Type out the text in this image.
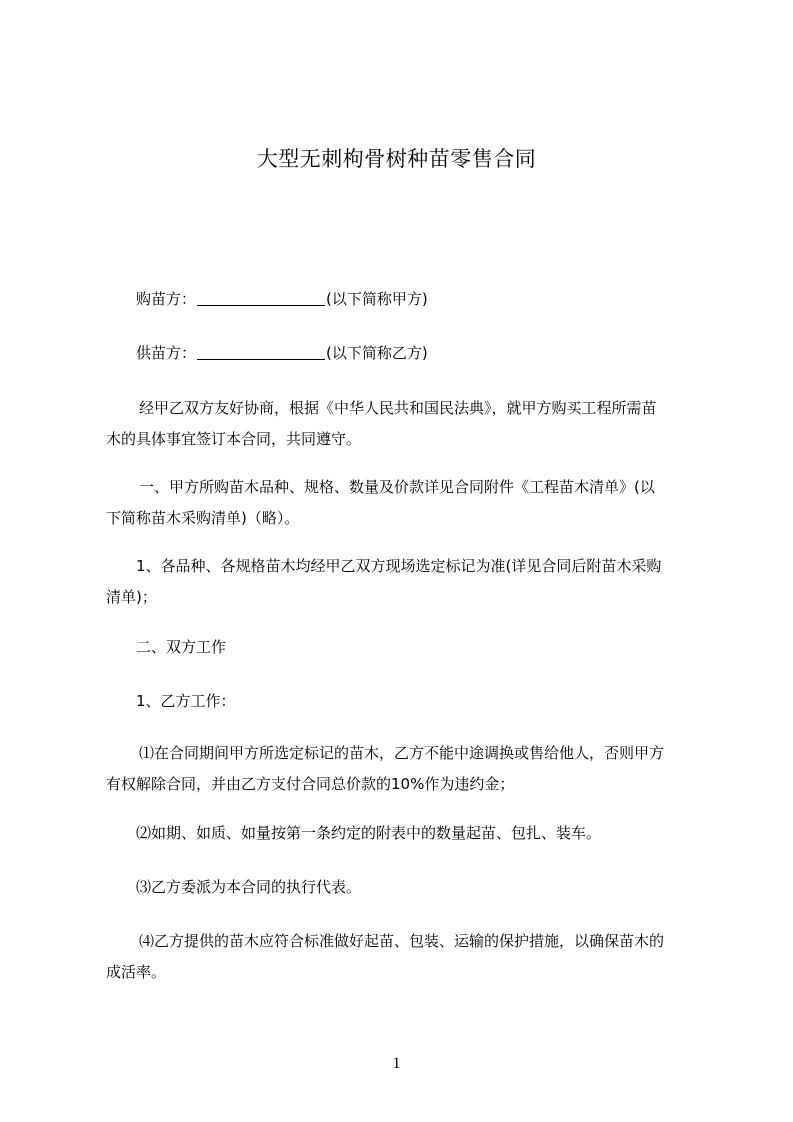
大型无刺枸骨树种苗零售合同
购苗方：	(以下简称甲方)
供苗方：	(以下简称乙方)
经甲乙双方友好协商，根据《中华人民共和国民法典》，就甲方购买工程所需苗
木的具体事宜签订本合同，共同遵守。
一、甲方所购苗木品种、规格、数量及价款详见合同附件《工程苗木清单》(以
下简称苗木采购清单)（略）。
1、各品种、各规格苗木均经甲乙双方现场选定标记为准(详见合同后附苗木采购
清单)；
二、双方工作
1、乙方工作：
⑴在合同期间甲方所选定标记的苗木，乙方不能中途调换或售给他人，否则甲方
有权解除合同，并由乙方支付合同总价款的10%作为违约金；
⑵如期、如质、如量按第一条约定的附表中的数量起苗、包扎、装车。
⑶乙方委派为本合同的执行代表。
⑷乙方提供的苗木应符合标准做好起苗、包装、运输的保护措施，以确保苗木的
成活率。
1
